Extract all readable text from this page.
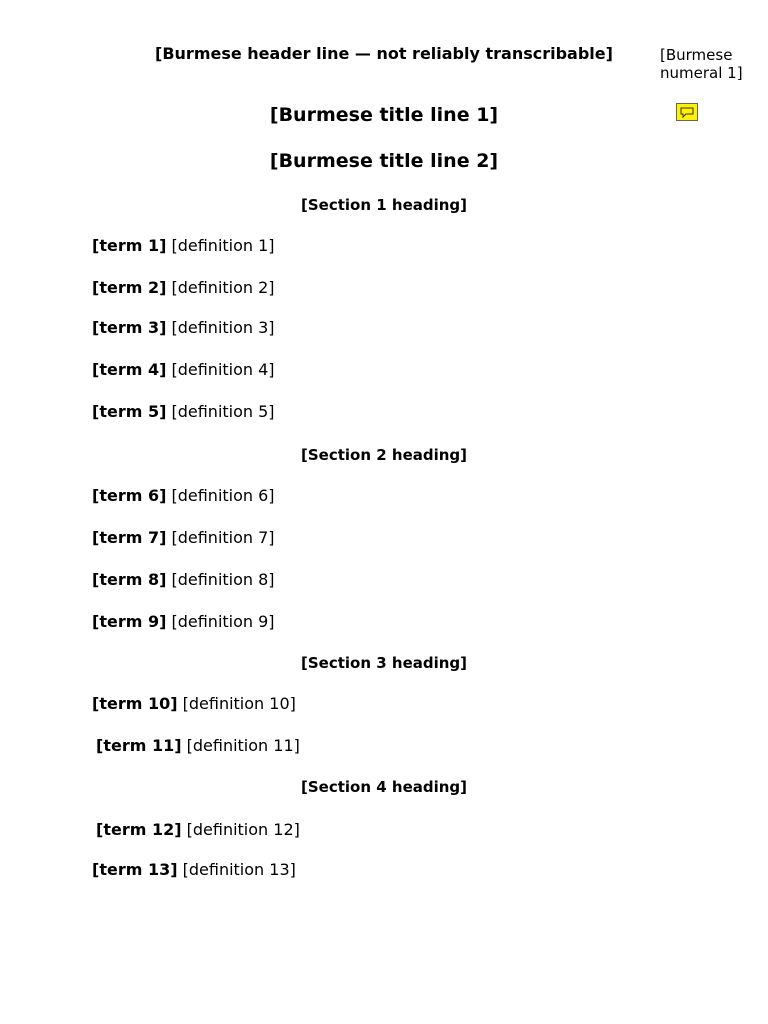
[Burmese header line — not reliably transcribable]	[Burmese numeral 1]
[Burmese title line 1]
[Burmese title line 2]
[Section 1 heading]
[term 1] [definition 1]
[term 2] [definition 2]
[term 3] [definition 3]
[term 4] [definition 4]
[term 5] [definition 5]
[Section 2 heading]
[term 6] [definition 6]
[term 7] [definition 7]
[term 8] [definition 8]
[term 9] [definition 9]
[Section 3 heading]
[term 10] [definition 10]
[term 11] [definition 11]
[Section 4 heading]
[term 12] [definition 12]
[term 13] [definition 13]
